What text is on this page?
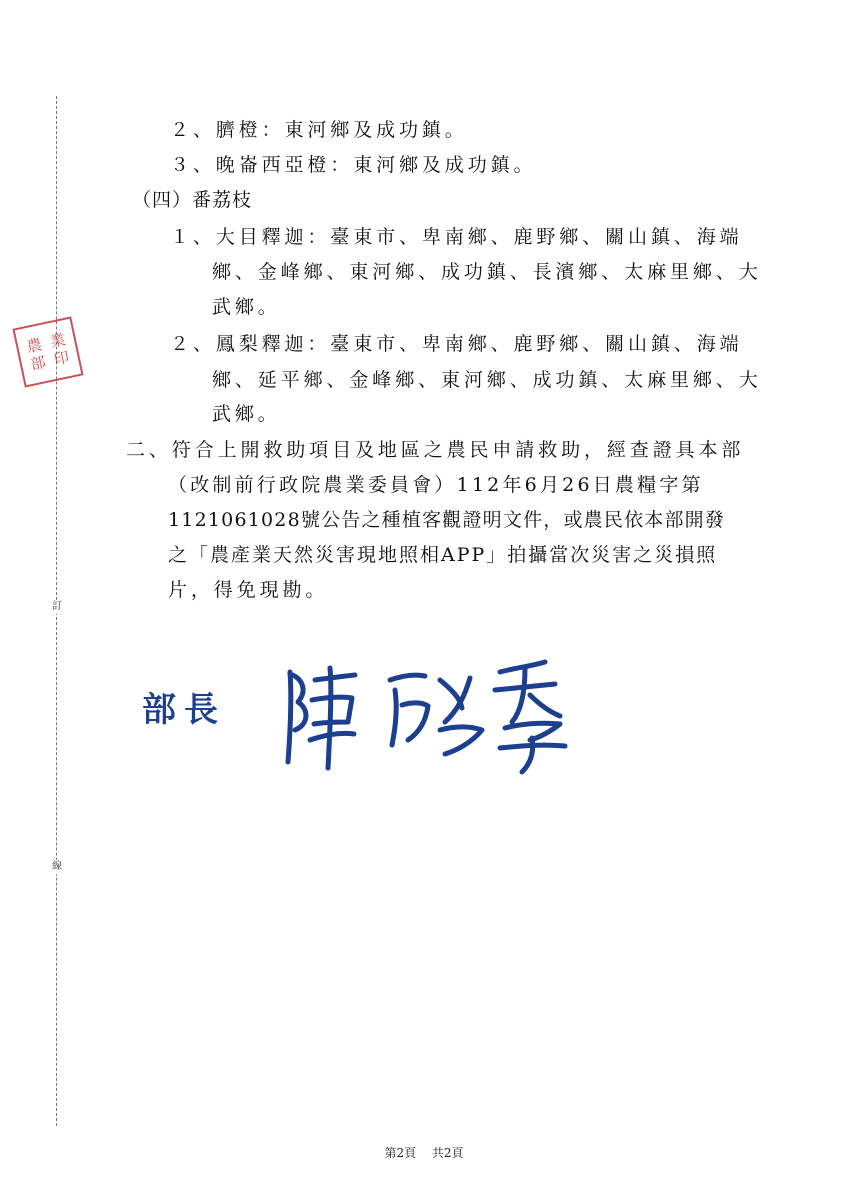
訂
線
農 業
部 印
２、臍橙：東河鄉及成功鎮。
３、晚崙西亞橙：東河鄉及成功鎮。
（四）番荔枝
１、大目釋迦：臺東市、卑南鄉、鹿野鄉、關山鎮、海端
鄉、金峰鄉、東河鄉、成功鎮、長濱鄉、太麻里鄉、大
武鄉。
２、鳳梨釋迦：臺東市、卑南鄉、鹿野鄉、關山鎮、海端
鄉、延平鄉、金峰鄉、東河鄉、成功鎮、太麻里鄉、大
武鄉。
二、符合上開救助項目及地區之農民申請救助，經查證具本部
（改制前行政院農業委員會）112年6月26日農糧字第
1121061028號公告之種植客觀證明文件，或農民依本部開發
之「農產業天然災害現地照相APP」拍攝當次災害之災損照
片，得免現勘。
部長
第2頁 共2頁
